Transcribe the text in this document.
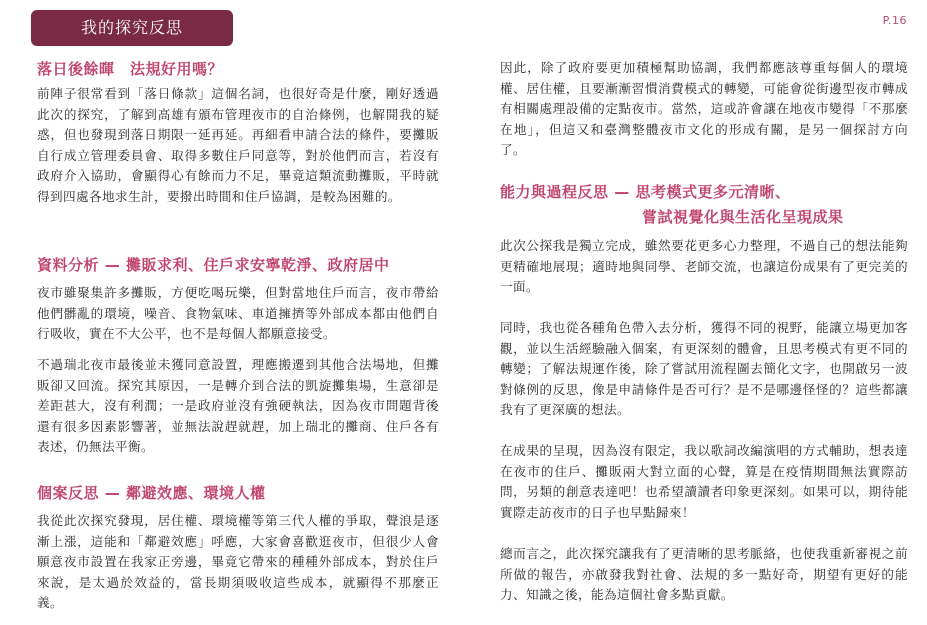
我的探究反思	P.16
落日後餘暉　法規好用嗎？
前陣子很常看到「落日條款」這個名詞，也很好奇是什麼，剛好透過此次的探究，了解到高雄有頒布管理夜市的自治條例，也解開我的疑惑，但也發現到落日期限一延再延。再細看申請合法的條件，要攤販自行成立管理委員會、取得多數住戶同意等，對於他們而言，若沒有政府介入協助，會顯得心有餘而力不足，畢竟這類流動攤販，平時就得到四處各地求生計，要撥出時間和住戶協調，是較為困難的。
資料分析 — 攤販求利、住戶求安寧乾淨、政府居中
夜市雖聚集許多攤販，方便吃喝玩樂，但對當地住戶而言，夜市帶給他們髒亂的環境，噪音、食物氣味、車道擁擠等外部成本都由他們自行吸收，實在不大公平，也不是每個人都願意接受。
不過瑞北夜市最後並未獲同意設置，理應搬遷到其他合法場地，但攤販卻又回流。探究其原因，一是轉介到合法的凱旋攤集場，生意卻是差距甚大，沒有利潤；一是政府並沒有強硬執法，因為夜市問題背後還有很多因素影響著，並無法說趕就趕，加上瑞北的攤商、住戶各有表述，仍無法平衡。
個案反思 — 鄰避效應、環境人權
我從此次探究發現，居住權、環境權等第三代人權的爭取，聲浪是逐漸上漲，這能和「鄰避效應」呼應，大家會喜歡逛夜市，但很少人會願意夜市設置在我家正旁邊，畢竟它帶來的種種外部成本，對於住戶來說，是太過於效益的，當長期須吸收這些成本，就顯得不那麼正義。
因此，除了政府要更加積極幫助協調，我們都應該尊重每個人的環境權、居住權，且要漸漸習慣消費模式的轉變，可能會從街邊型夜市轉成有相關處理設備的定點夜市。當然，這或許會讓在地夜市變得「不那麼在地」，但這又和臺灣整體夜市文化的形成有關，是另一個探討方向了。
能力與過程反思 — 思考模式更多元清晰、
嘗試視覺化與生活化呈現成果
此次公探我是獨立完成，雖然要花更多心力整理，不過自己的想法能夠更精確地展現；適時地與同學、老師交流，也讓這份成果有了更完美的一面。
同時，我也從各種角色帶入去分析，獲得不同的視野，能讓立場更加客觀，並以生活經驗融入個案，有更深刻的體會，且思考模式有更不同的轉變；了解法規運作後，除了嘗試用流程圖去簡化文字，也開啟另一波對條例的反思，像是申請條件是否可行？是不是哪邊怪怪的？這些都讓我有了更深廣的想法。
在成果的呈現，因為沒有限定，我以歌詞改編演唱的方式輔助，想表達在夜市的住戶、攤販兩大對立面的心聲，算是在疫情期間無法實際訪問，另類的創意表達吧！也希望讀讀者印象更深刻。如果可以，期待能實際走訪夜市的日子也早點歸來！
總而言之，此次探究讓我有了更清晰的思考脈絡，也使我重新審視之前所做的報告，亦啟發我對社會、法規的多一點好奇，期望有更好的能力、知識之後，能為這個社會多點貢獻。
